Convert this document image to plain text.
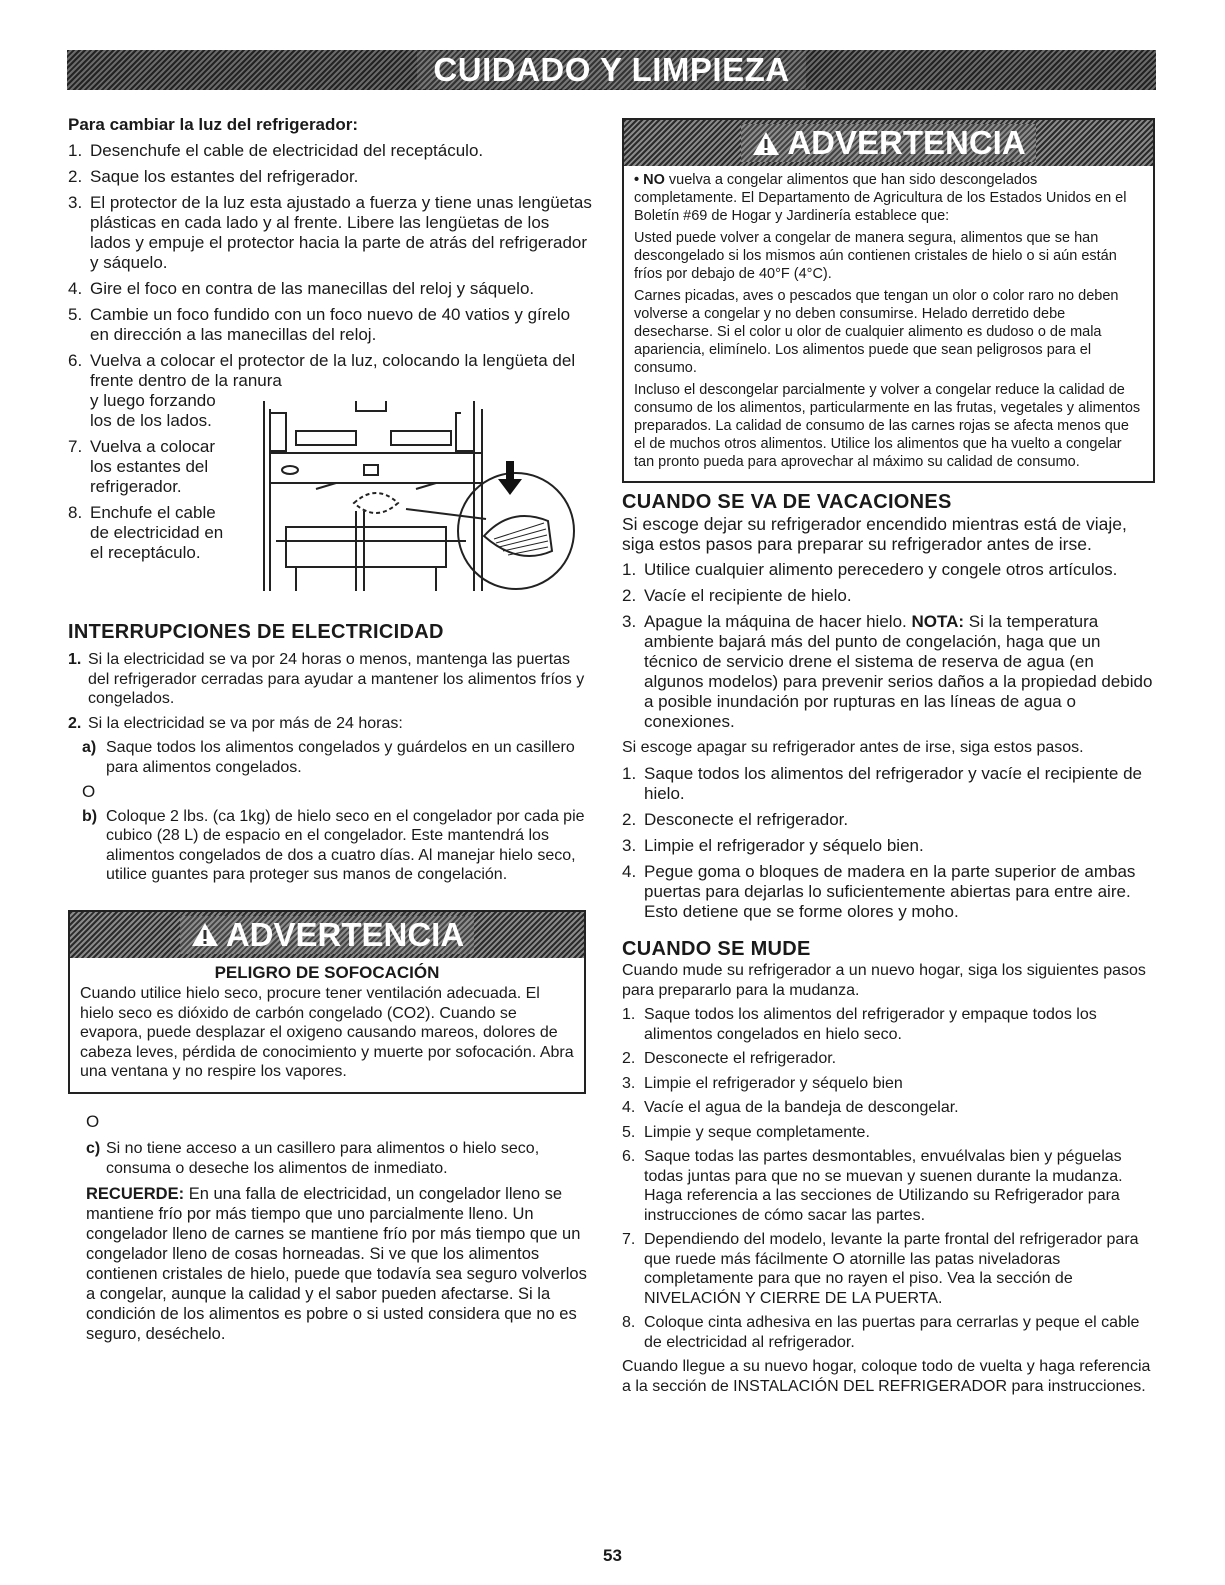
CUIDADO Y LIMPIEZA
Para cambiar la luz del refrigerador:
1. Desenchufe el cable de electricidad del receptáculo.
2. Saque los estantes del refrigerador.
3. El protector de la luz esta ajustado a fuerza y tiene unas lengüetas plásticas en cada lado y al frente. Libere las lengüetas de los lados y empuje el protector hacia la parte de atrás del refrigerador y sáquelo.
4. Gire el foco en contra de las manecillas del reloj y sáquelo.
5. Cambie un foco fundido con un foco nuevo de 40 vatios y gírelo en dirección a las manecillas del reloj.
6. Vuelva a colocar el protector de la luz, colocando la lengüeta del frente dentro de la ranura
y luego forzando los de los lados.
7. Vuelva a colocar los estantes del refrigerador.
8. Enchufe el cable de electricidad en el receptáculo.
INTERRUPCIONES DE ELECTRICIDAD
1. Si la electricidad se va por 24 horas o menos, mantenga las puertas del refrigerador cerradas para ayudar a mantener los alimentos fríos y congelados.
2. Si la electricidad se va por más de 24 horas:
a) Saque todos los alimentos congelados y guárdelos en un casillero para alimentos congelados.

O

b) Coloque 2 lbs. (ca 1kg) de hielo seco en el congelador por cada pie cubico (28 L) de espacio en el congelador. Este mantendrá los alimentos congelados de dos a cuatro días. Al manejar hielo seco, utilice guantes para proteger sus manos de congelación.
ADVERTENCIA
PELIGRO DE SOFOCACIÓN

Cuando utilice hielo seco, procure tener ventilación adecuada. El hielo seco es dióxido de carbón congelado (CO2). Cuando se evapora, puede desplazar el oxigeno causando mareos, dolores de cabeza leves, pérdida de conocimiento y muerte por sofocación. Abra una ventana y no respire los vapores.

O

c) Si no tiene acceso a un casillero para alimentos o hielo seco, consuma o deseche los alimentos de inmediato.

RECUERDE: En una falla de electricidad, un congelador lleno se mantiene frío por más tiempo que uno parcialmente lleno. Un congelador lleno de carnes se mantiene frío por más tiempo que un congelador lleno de cosas horneadas. Si ve que los alimentos contienen cristales de hielo, puede que todavía sea seguro volverlos a congelar, aunque la calidad y el sabor pueden afectarse. Si la condición de los alimentos es pobre o si usted considera que no es seguro, deséchelo.

ADVERTENCIA

• NO vuelva a congelar alimentos que han sido descongelados completamente. El Departamento de Agricultura de los Estados Unidos en el Boletín #69 de Hogar y Jardinería establece que:

Usted puede volver a congelar de manera segura, alimentos que se han descongelado si los mismos aún contienen cristales de hielo o si aún están fríos por debajo de 40°F (4°C).

Carnes picadas, aves o pescados que tengan un olor o color raro no deben volverse a congelar y no deben consumirse. Helado derretido debe desecharse. Si el color u olor de cualquier alimento es dudoso o de mala apariencia, elimínelo. Los alimentos puede que sean peligrosos para el consumo.

Incluso el descongelar parcialmente y volver a congelar reduce la calidad de consumo de los alimentos, particularmente en las frutas, vegetales y alimentos preparados. La calidad de consumo de las carnes rojas se afecta menos que el de muchos otros alimentos. Utilice los alimentos que ha vuelto a congelar tan pronto pueda para aprovechar al máximo su calidad de consumo.

CUANDO SE VA DE VACACIONES

Si escoge dejar su refrigerador encendido mientras está de viaje, siga estos pasos para preparar su refrigerador antes de irse.

1. Utilice cualquier alimento perecedero y congele otros artículos.
2. Vacíe el recipiente de hielo.
3. Apague la máquina de hacer hielo. NOTA: Si la temperatura ambiente bajará más del punto de congelación, haga que un técnico de servicio drene el sistema de reserva de agua (en algunos modelos) para prevenir serios daños a la propiedad debido a posible inundación por rupturas en las líneas de agua o conexiones.

Si escoge apagar su refrigerador antes de irse, siga estos pasos.

1. Saque todos los alimentos del refrigerador y vacíe el recipiente de hielo.
2. Desconecte el refrigerador.
3. Limpie el refrigerador y séquelo bien.
4. Pegue goma o bloques de madera en la parte superior de ambas puertas para dejarlas lo suficientemente abiertas para entre aire. Esto detiene que se forme olores y moho.
CUANDO SE MUDE

Cuando mude su refrigerador a un nuevo hogar, siga los siguientes pasos para prepararlo para la mudanza.

1. Saque todos los alimentos del refrigerador y empaque todos los alimentos congelados en hielo seco.
2. Desconecte el refrigerador.
3. Limpie el refrigerador y séquelo bien
4. Vacíe el agua de la bandeja de descongelar.
5. Limpie y seque completamente.
6. Saque todas las partes desmontables, envuélvalas bien y péguelas todas juntas para que no se muevan y suenen durante la mudanza. Haga referencia a las secciones de Utilizando su Refrigerador para instrucciones de cómo sacar las partes.
7. Dependiendo del modelo, levante la parte frontal del refrigerador para que ruede más fácilmente O atornille las patas niveladoras completamente para que no rayen el piso. Vea la sección de NIVELACIÓN Y CIERRE DE LA PUERTA.
8. Coloque cinta adhesiva en las puertas para cerrarlas y peque el cable de electricidad al refrigerador.

Cuando llegue a su nuevo hogar, coloque todo de vuelta y haga referencia a la sección de INSTALACIÓN DEL REFRIGERADOR para instrucciones.

53
